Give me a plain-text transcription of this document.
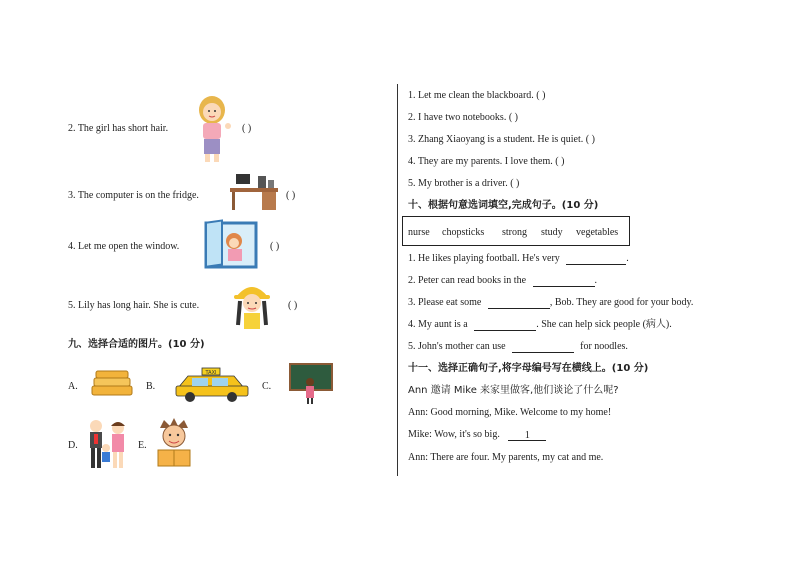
2. The girl has short hair.	( )
3. The computer is on the fridge.	( )
4. Let me open the window.	( )
5. Lily has long hair. She is cute.	( )
九、选择合适的图片。(10 分)
A.	B.
TAXI
C.
D.	E.
1. Let me clean the blackboard. ( )
2. I have two notebooks. ( )
3. Zhang Xiaoyang is a student. He is quiet. ( )
4. They are my parents. I love them. ( )
5. My brother is a driver. ( )
十、根据句意选词填空,完成句子。(10 分)
nurse chopsticks strong study vegetables
1. He likes playing football. He's very	.
2. Peter can read books in the	.
3. Please eat some	, Bob. They are good for your body.
4. My aunt is a	. She can help sick people (病人).
5. John's mother can use	for noodles.
十一、选择正确句子,将字母编号写在横线上。(10 分)
Ann 邀请 Mike 来家里做客,他们谈论了什么呢?
Ann: Good morning, Mike. Welcome to my home!
Mike: Wow, it's so big.	1
Ann: There are four. My parents, my cat and me.
